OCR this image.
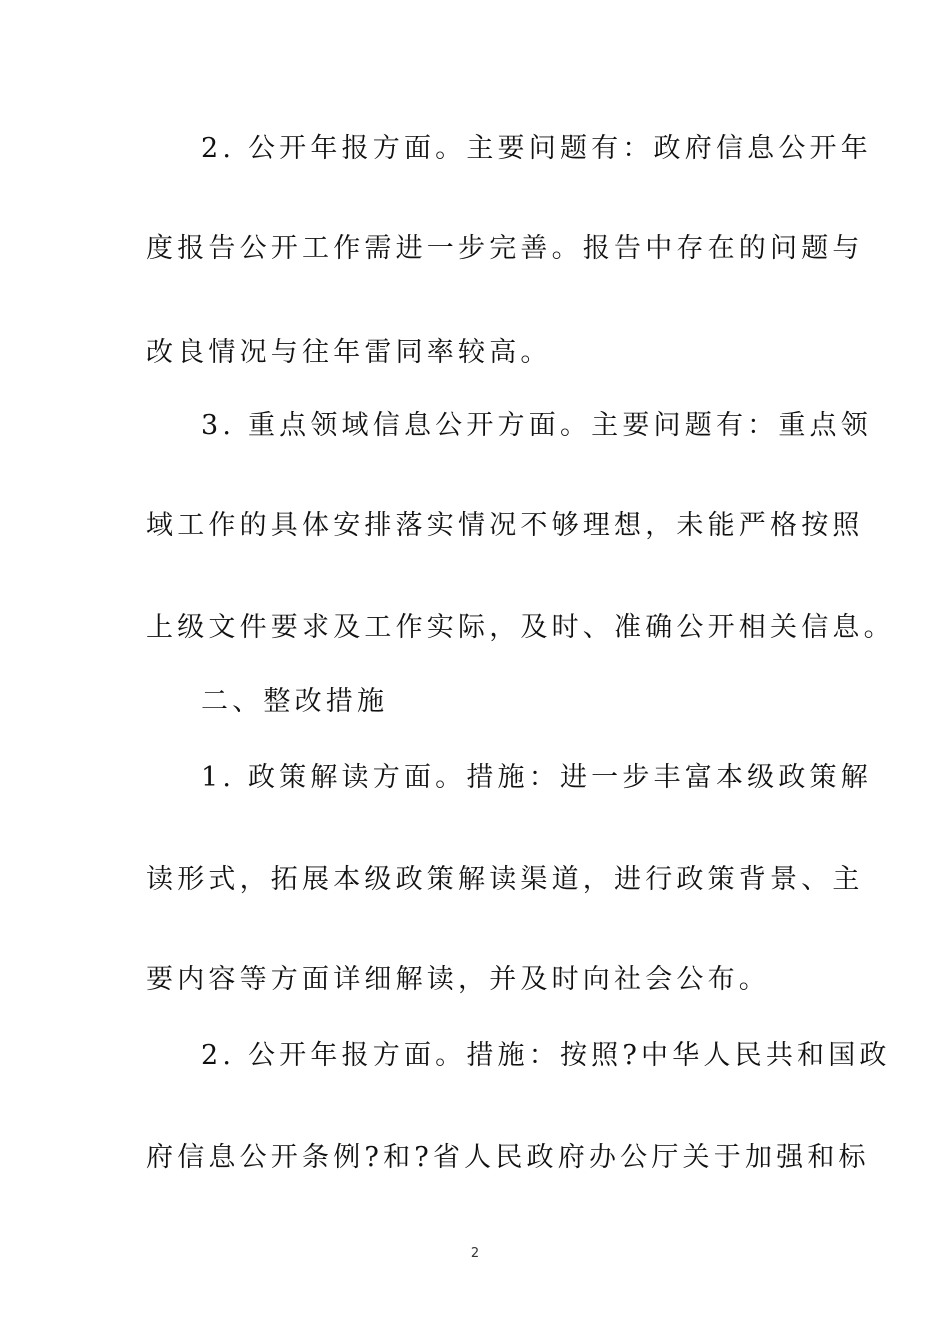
2. 公开年报方面。主要问题有：政府信息公开年
度报告公开工作需进一步完善。报告中存在的问题与
改良情况与往年雷同率较高。
3. 重点领域信息公开方面。主要问题有：重点领
域工作的具体安排落实情况不够理想，未能严格按照
上级文件要求及工作实际，及时、准确公开相关信息。
二、整改措施
1. 政策解读方面。措施：进一步丰富本级政策解
读形式，拓展本级政策解读渠道，进行政策背景、主
要内容等方面详细解读，并及时向社会公布。
2. 公开年报方面。措施：按照?中华人民共和国政
府信息公开条例?和?省人民政府办公厅关于加强和标
2
